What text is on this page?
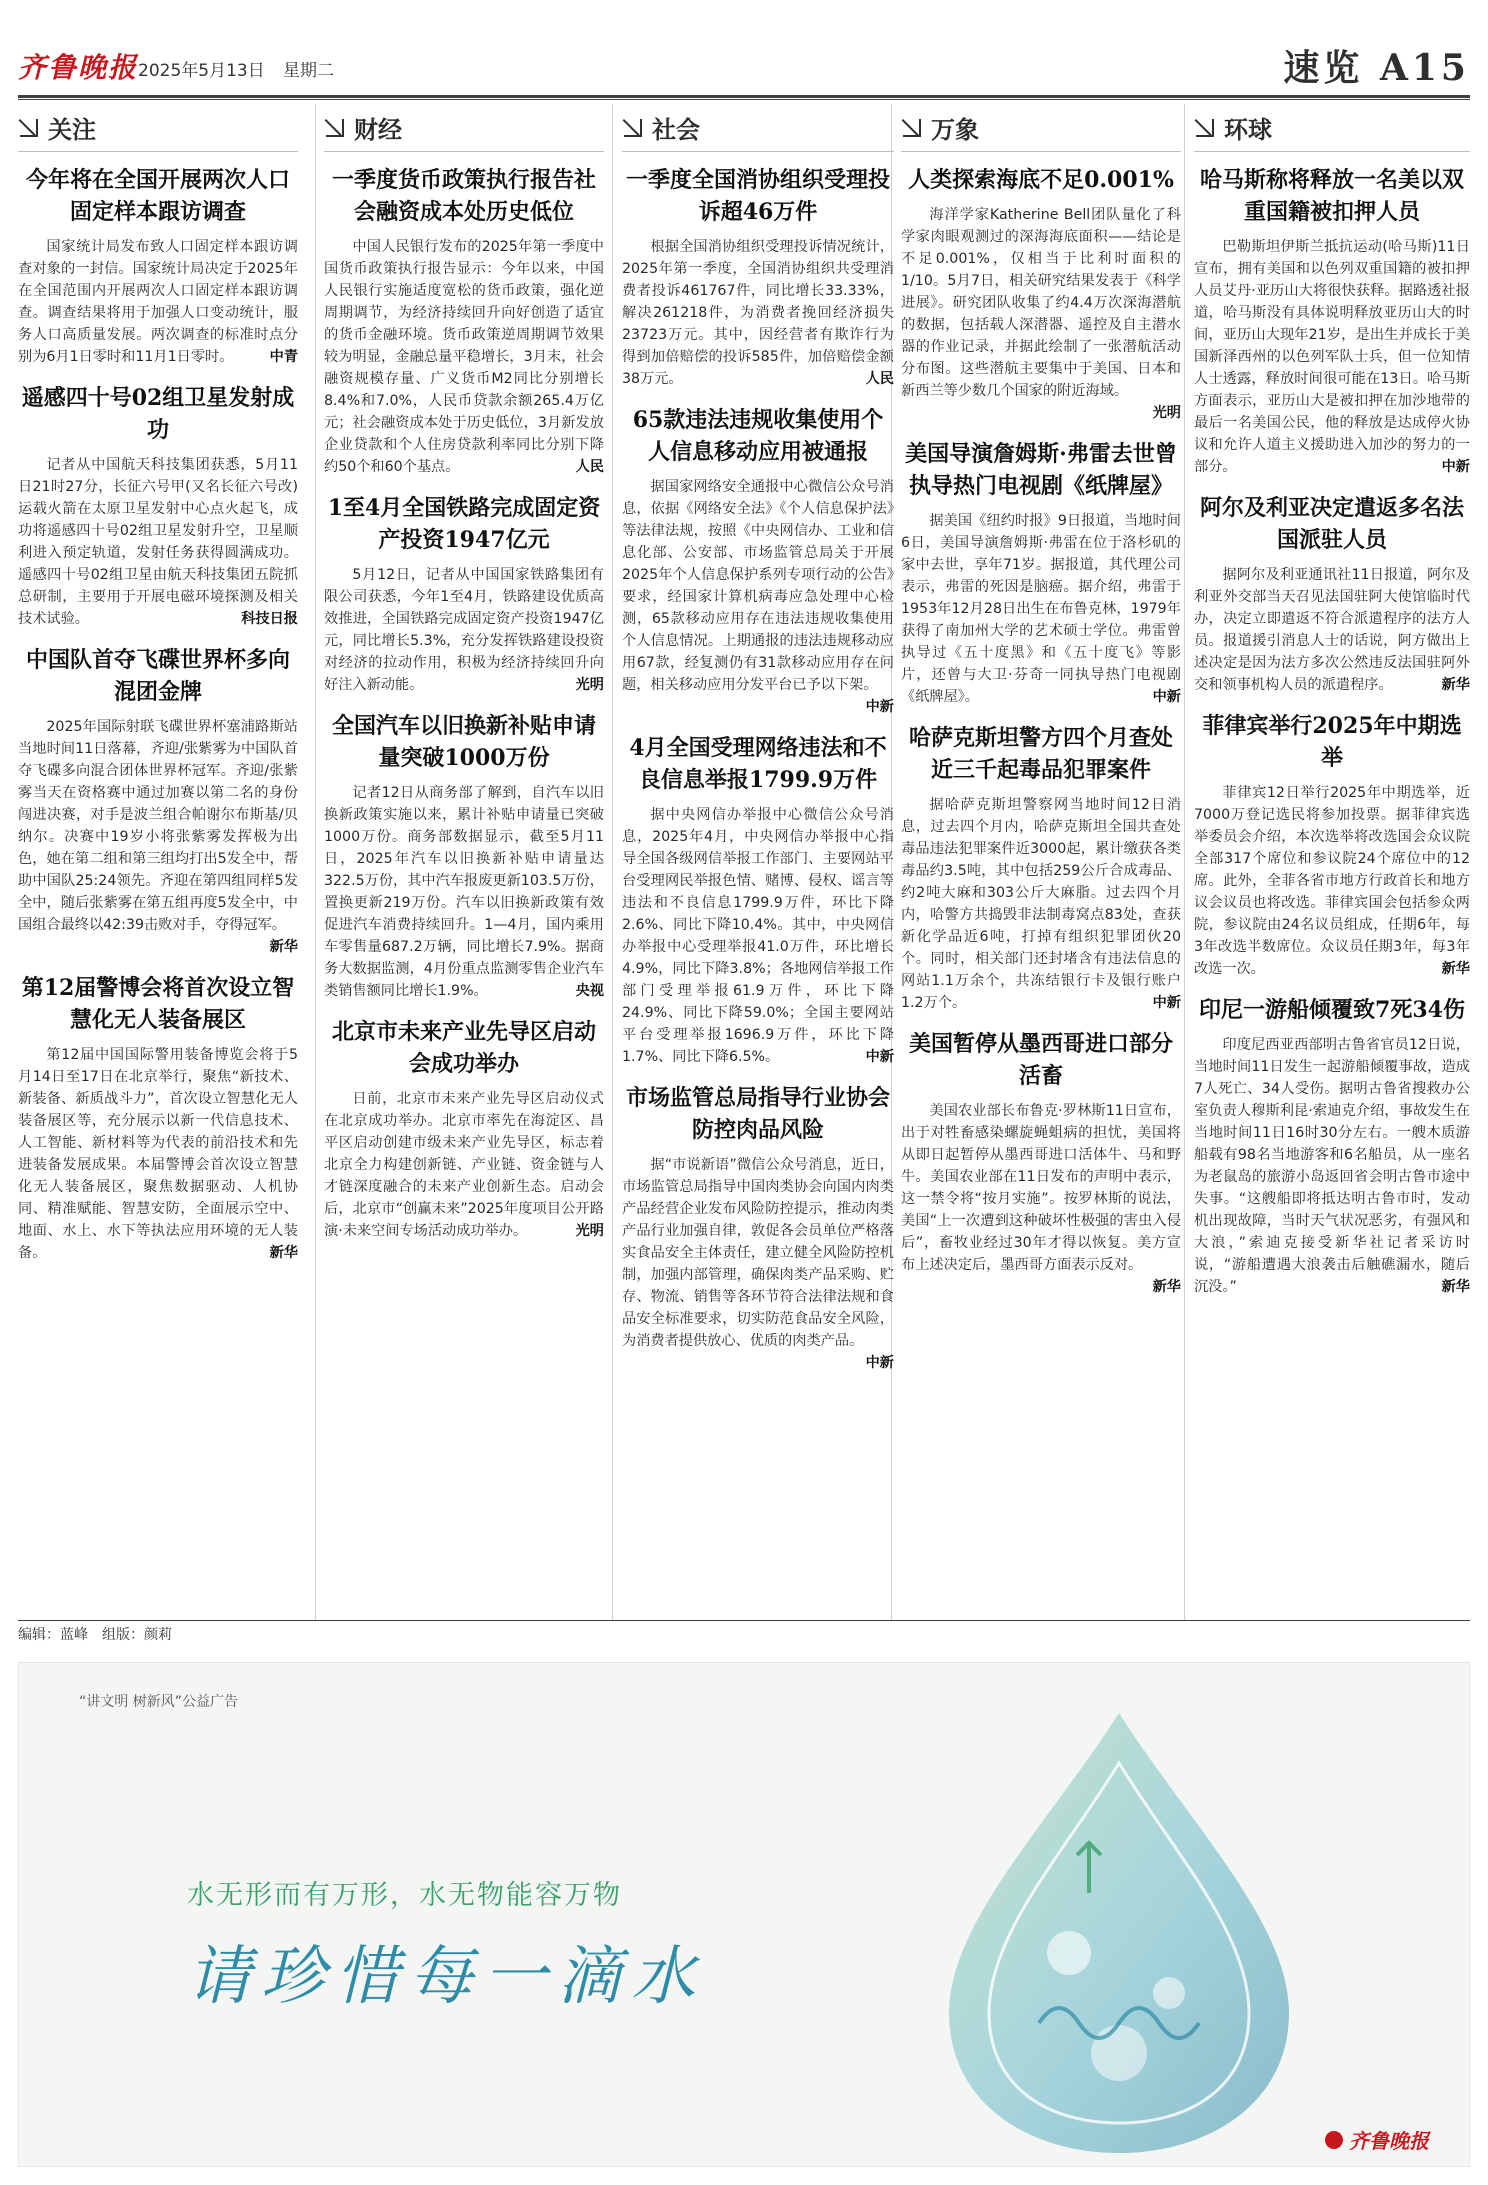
齐鲁晚报 2025年5月13日 星期二	速览 A15
关注
今年将在全国开展两次人口固定样本跟访调查
国家统计局发布致人口固定样本跟访调查对象的一封信。国家统计局决定于2025年在全国范围内开展两次人口固定样本跟访调查。调查结果将用于加强人口变动统计，服务人口高质量发展。两次调查的标准时点分别为6月1日零时和11月1日零时。	中青
遥感四十号02组卫星发射成功
记者从中国航天科技集团获悉，5月11日21时27分，长征六号甲(又名长征六号改)运载火箭在太原卫星发射中心点火起飞，成功将遥感四十号02组卫星发射升空，卫星顺利进入预定轨道，发射任务获得圆满成功。遥感四十号02组卫星由航天科技集团五院抓总研制，主要用于开展电磁环境探测及相关技术试验。	科技日报
中国队首夺飞碟世界杯多向混团金牌
2025年国际射联飞碟世界杯塞浦路斯站当地时间11日落幕，齐迎/张紫雾为中国队首夺飞碟多向混合团体世界杯冠军。齐迎/张紫雾当天在资格赛中通过加赛以第二名的身份闯进决赛，对手是波兰组合帕谢尔布斯基/贝纳尔。决赛中19岁小将张紫雾发挥极为出色，她在第二组和第三组均打出5发全中，帮助中国队25:24领先。齐迎在第四组同样5发全中，随后张紫雾在第五组再度5发全中，中国组合最终以42:39击败对手，夺得冠军。
新华
第12届警博会将首次设立智慧化无人装备展区
第12届中国国际警用装备博览会将于5月14日至17日在北京举行，聚焦“新技术、新装备、新质战斗力”，首次设立智慧化无人装备展区等，充分展示以新一代信息技术、人工智能、新材料等为代表的前沿技术和先进装备发展成果。本届警博会首次设立智慧化无人装备展区，聚焦数据驱动、人机协同、精准赋能、智慧安防，全面展示空中、地面、水上、水下等执法应用环境的无人装备。	新华
财经
一季度货币政策执行报告社会融资成本处历史低位
中国人民银行发布的2025年第一季度中国货币政策执行报告显示：今年以来，中国人民银行实施适度宽松的货币政策，强化逆周期调节，为经济持续回升向好创造了适宜的货币金融环境。货币政策逆周期调节效果较为明显，金融总量平稳增长，3月末，社会融资规模存量、广义货币M2同比分别增长8.4%和7.0%，人民币贷款余额265.4万亿元；社会融资成本处于历史低位，3月新发放企业贷款和个人住房贷款利率同比分别下降约50个和60个基点。	人民
1至4月全国铁路完成固定资产投资1947亿元
5月12日，记者从中国国家铁路集团有限公司获悉，今年1至4月，铁路建设优质高效推进，全国铁路完成固定资产投资1947亿元，同比增长5.3%，充分发挥铁路建设投资对经济的拉动作用，积极为经济持续回升向好注入新动能。	光明
全国汽车以旧换新补贴申请量突破1000万份
记者12日从商务部了解到，自汽车以旧换新政策实施以来，累计补贴申请量已突破1000万份。商务部数据显示，截至5月11日，2025年汽车以旧换新补贴申请量达322.5万份，其中汽车报废更新103.5万份，置换更新219万份。汽车以旧换新政策有效促进汽车消费持续回升。1—4月，国内乘用车零售量687.2万辆，同比增长7.9%。据商务大数据监测，4月份重点监测零售企业汽车类销售额同比增长1.9%。	央视
北京市未来产业先导区启动会成功举办
日前，北京市未来产业先导区启动仪式在北京成功举办。北京市率先在海淀区、昌平区启动创建市级未来产业先导区，标志着北京全力构建创新链、产业链、资金链与人才链深度融合的未来产业创新生态。启动会后，北京市“创赢未来”2025年度项目公开路演·未来空间专场活动成功举办。	光明
社会
一季度全国消协组织受理投诉超46万件
根据全国消协组织受理投诉情况统计，2025年第一季度，全国消协组织共受理消费者投诉461767件，同比增长33.33%，解决261218件，为消费者挽回经济损失23723万元。其中，因经营者有欺诈行为得到加倍赔偿的投诉585件，加倍赔偿金额38万元。	人民
65款违法违规收集使用个人信息移动应用被通报
据国家网络安全通报中心微信公众号消息，依据《网络安全法》《个人信息保护法》等法律法规，按照《中央网信办、工业和信息化部、公安部、市场监管总局关于开展2025年个人信息保护系列专项行动的公告》要求，经国家计算机病毒应急处理中心检测，65款移动应用存在违法违规收集使用个人信息情况。上期通报的违法违规移动应用67款，经复测仍有31款移动应用存在问题，相关移动应用分发平台已予以下架。
中新
4月全国受理网络违法和不良信息举报1799.9万件
据中央网信办举报中心微信公众号消息，2025年4月，中央网信办举报中心指导全国各级网信举报工作部门、主要网站平台受理网民举报色情、赌博、侵权、谣言等违法和不良信息1799.9万件，环比下降2.6%、同比下降10.4%。其中，中央网信办举报中心受理举报41.0万件，环比增长4.9%，同比下降3.8%；各地网信举报工作部门受理举报61.9万件，环比下降24.9%、同比下降59.0%；全国主要网站平台受理举报1696.9万件，环比下降1.7%、同比下降6.5%。	中新
市场监管总局指导行业协会防控肉品风险
据“市说新语”微信公众号消息，近日，市场监管总局指导中国肉类协会向国内肉类产品经营企业发布风险防控提示，推动肉类产品行业加强自律，敦促各会员单位严格落实食品安全主体责任，建立健全风险防控机制，加强内部管理，确保肉类产品采购、贮存、物流、销售等各环节符合法律法规和食品安全标准要求，切实防范食品安全风险，为消费者提供放心、优质的肉类产品。
中新
万象
人类探索海底不足0.001%
海洋学家Katherine Bell团队量化了科学家肉眼观测过的深海海底面积——结论是不足0.001%，仅相当于比利时面积的1/10。5月7日，相关研究结果发表于《科学进展》。研究团队收集了约4.4万次深海潜航的数据，包括载人深潜器、遥控及自主潜水器的作业记录，并据此绘制了一张潜航活动分布图。这些潜航主要集中于美国、日本和新西兰等少数几个国家的附近海域。
光明
美国导演詹姆斯·弗雷去世曾执导热门电视剧《纸牌屋》
据美国《纽约时报》9日报道，当地时间6日，美国导演詹姆斯·弗雷在位于洛杉矶的家中去世，享年71岁。据报道，其代理公司表示，弗雷的死因是脑癌。据介绍，弗雷于1953年12月28日出生在布鲁克林，1979年获得了南加州大学的艺术硕士学位。弗雷曾执导过《五十度黑》和《五十度飞》等影片，还曾与大卫·芬奇一同执导热门电视剧《纸牌屋》。	中新
哈萨克斯坦警方四个月查处近三千起毒品犯罪案件
据哈萨克斯坦警察网当地时间12日消息，过去四个月内，哈萨克斯坦全国共查处毒品违法犯罪案件近3000起，累计缴获各类毒品约3.5吨，其中包括259公斤合成毒品、约2吨大麻和303公斤大麻脂。过去四个月内，哈警方共捣毁非法制毒窝点83处，查获新化学品近6吨，打掉有组织犯罪团伙20个。同时，相关部门还封堵含有违法信息的网站1.1万余个，共冻结银行卡及银行账户1.2万个。	中新
美国暂停从墨西哥进口部分活畜
美国农业部长布鲁克·罗林斯11日宣布，出于对牲畜感染螺旋蝇蛆病的担忧，美国将从即日起暂停从墨西哥进口活体牛、马和野牛。美国农业部在11日发布的声明中表示，这一禁令将“按月实施”。按罗林斯的说法，美国“上一次遭到这种破坏性极强的害虫入侵后”，畜牧业经过30年才得以恢复。美方宣布上述决定后，墨西哥方面表示反对。
新华
环球
哈马斯称将释放一名美以双重国籍被扣押人员
巴勒斯坦伊斯兰抵抗运动(哈马斯)11日宣布，拥有美国和以色列双重国籍的被扣押人员艾丹·亚历山大将很快获释。据路透社报道，哈马斯没有具体说明释放亚历山大的时间，亚历山大现年21岁，是出生并成长于美国新泽西州的以色列军队士兵，但一位知情人士透露，释放时间很可能在13日。哈马斯方面表示，亚历山大是被扣押在加沙地带的最后一名美国公民，他的释放是达成停火协议和允许人道主义援助进入加沙的努力的一部分。	中新
阿尔及利亚决定遣返多名法国派驻人员
据阿尔及利亚通讯社11日报道，阿尔及利亚外交部当天召见法国驻阿大使馆临时代办，决定立即遣返不符合派遣程序的法方人员。报道援引消息人士的话说，阿方做出上述决定是因为法方多次公然违反法国驻阿外交和领事机构人员的派遣程序。	新华
菲律宾举行2025年中期选举
菲律宾12日举行2025年中期选举，近7000万登记选民将参加投票。据菲律宾选举委员会介绍，本次选举将改选国会众议院全部317个席位和参议院24个席位中的12席。此外，全菲各省市地方行政首长和地方议会议员也将改选。菲律宾国会包括参众两院，参议院由24名议员组成，任期6年，每3年改选半数席位。众议员任期3年，每3年改选一次。	新华
印尼一游船倾覆致7死34伤
印度尼西亚西部明古鲁省官员12日说，当地时间11日发生一起游船倾覆事故，造成7人死亡、34人受伤。据明古鲁省搜救办公室负责人穆斯利昆·索迪克介绍，事故发生在当地时间11日16时30分左右。一艘木质游船载有98名当地游客和6名船员，从一座名为老鼠岛的旅游小岛返回省会明古鲁市途中失事。“这艘船即将抵达明古鲁市时，发动机出现故障，当时天气状况恶劣，有强风和大浪，”索迪克接受新华社记者采访时说，“游船遭遇大浪袭击后触礁漏水，随后沉没。”	新华
编辑：蓝峰　组版：颜莉
“讲文明 树新风”公益广告
水无形而有万形，水无物能容万物
请珍惜每一滴水
齐鲁晚报
